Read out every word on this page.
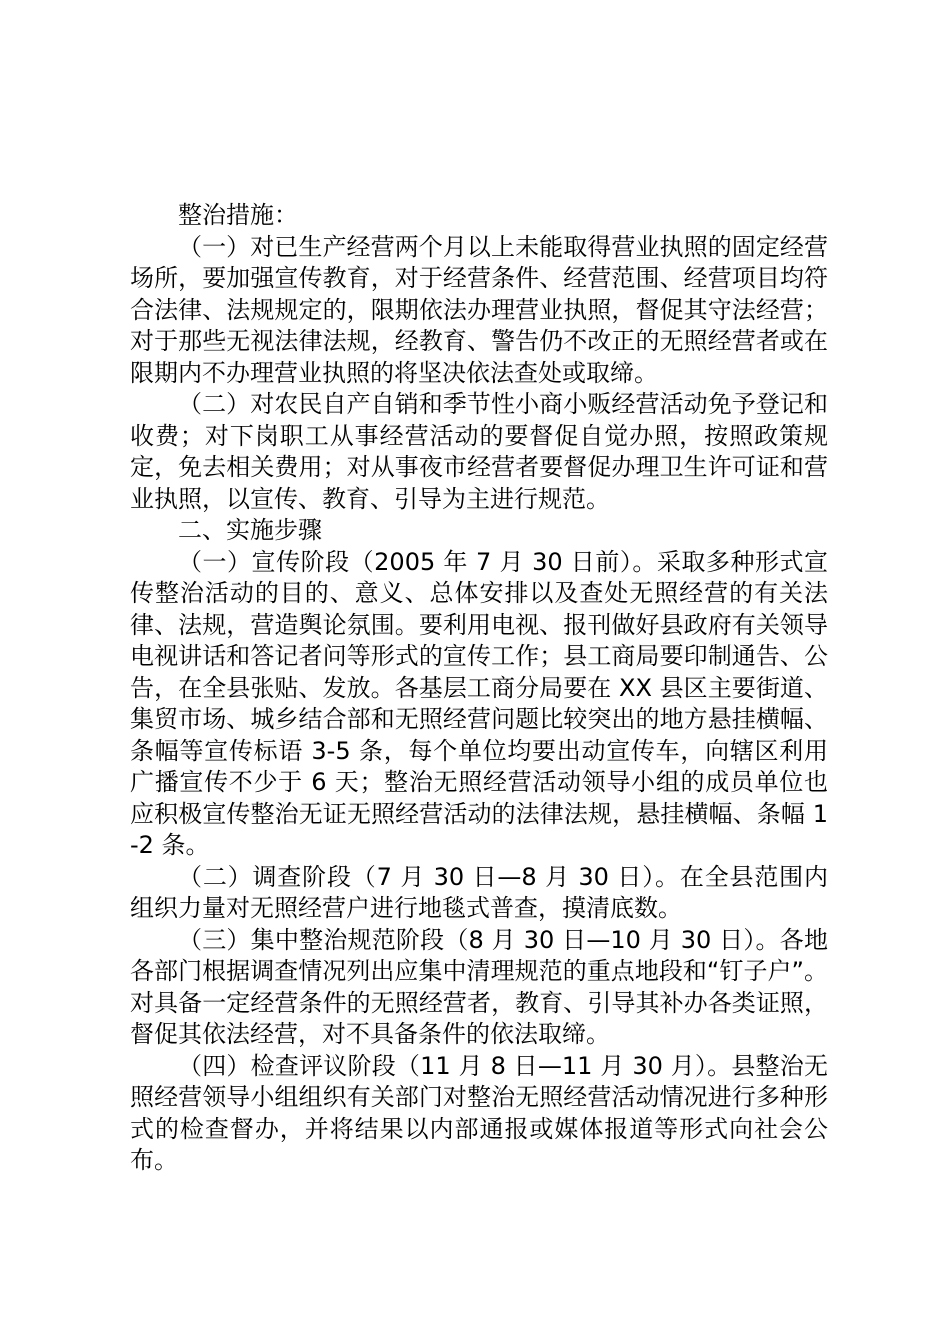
整治措施：

（一）对已生产经营两个月以上未能取得营业执照的固定经营场所，要加强宣传教育，对于经营条件、经营范围、经营项目均符合法律、法规规定的，限期依法办理营业执照，督促其守法经营；对于那些无视法律法规，经教育、警告仍不改正的无照经营者或在限期内不办理营业执照的将坚决依法查处或取缔。

（二）对农民自产自销和季节性小商小贩经营活动免予登记和收费；对下岗职工从事经营活动的要督促自觉办照，按照政策规定，免去相关费用；对从事夜市经营者要督促办理卫生许可证和营业执照，以宣传、教育、引导为主进行规范。

二、实施步骤

（一）宣传阶段（2005 年 7 月 30 日前）。采取多种形式宣传整治活动的目的、意义、总体安排以及查处无照经营的有关法律、法规，营造舆论氛围。要利用电视、报刊做好县政府有关领导电视讲话和答记者问等形式的宣传工作；县工商局要印制通告、公告，在全县张贴、发放。各基层工商分局要在 XX 县区主要街道、集贸市场、城乡结合部和无照经营问题比较突出的地方悬挂横幅、条幅等宣传标语 3-5 条，每个单位均要出动宣传车，向辖区利用广播宣传不少于 6 天；整治无照经营活动领导小组的成员单位也应积极宣传整治无证无照经营活动的法律法规，悬挂横幅、条幅 1-2 条。

（二）调查阶段（7 月 30 日—8 月 30 日）。在全县范围内组织力量对无照经营户进行地毯式普查，摸清底数。

（三）集中整治规范阶段（8 月 30 日—10 月 30 日）。各地各部门根据调查情况列出应集中清理规范的重点地段和“钉子户”。对具备一定经营条件的无照经营者，教育、引导其补办各类证照，督促其依法经营，对不具备条件的依法取缔。

（四）检查评议阶段（11 月 8 日—11 月 30 月）。县整治无照经营领导小组组织有关部门对整治无照经营活动情况进行多种形式的检查督办，并将结果以内部通报或媒体报道等形式向社会公布。
